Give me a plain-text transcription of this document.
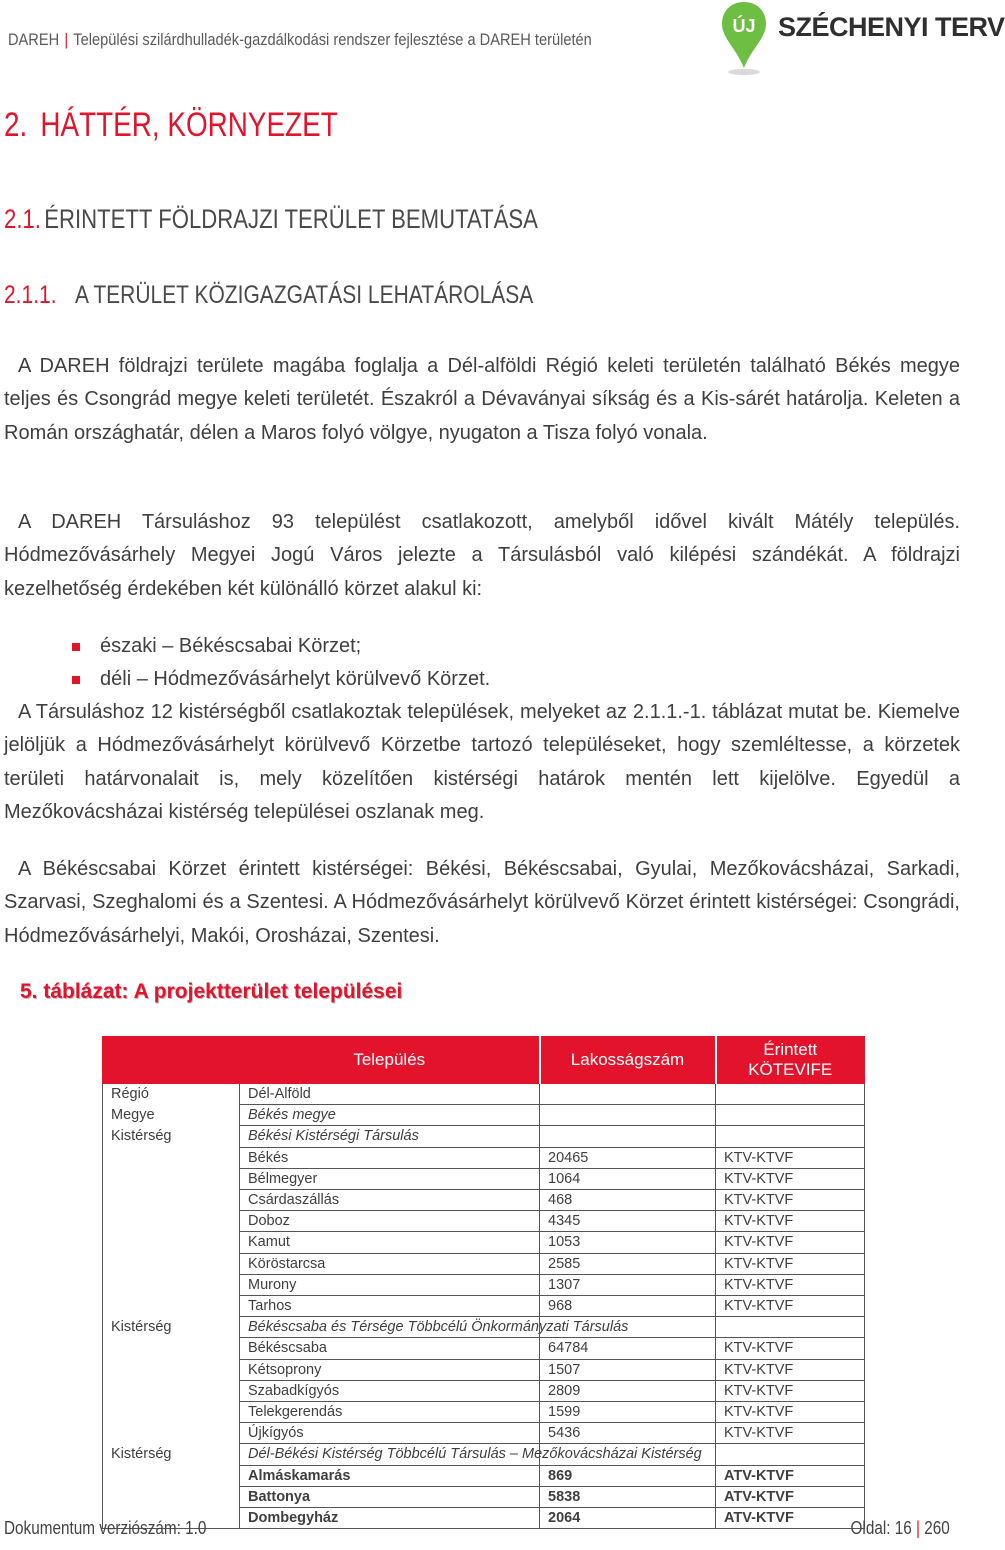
DAREH | Települési szilárdhulladék-gazdálkodási rendszer fejlesztése a DAREH területén
ÚJ SZÉCHENYI TERV
2. HÁTTÉR, KÖRNYEZET
2.1. ÉRINTETT FÖLDRAJZI TERÜLET BEMUTATÁSA
2.1.1. A TERÜLET KÖZIGAZGATÁSI LEHATÁROLÁSA
A DAREH földrajzi területe magába foglalja a Dél-alföldi Régió keleti területén található Békés megye teljes és Csongrád megye keleti területét. Északról a Dévaványai síkság és a Kis-sárét határolja. Keleten a Román országhatár, délen a Maros folyó völgye, nyugaton a Tisza folyó vonala.
A DAREH Társuláshoz 93 települést csatlakozott, amelyből idővel kivált Mátély település. Hódmezővásárhely Megyei Jogú Város jelezte a Társulásból való kilépési szándékát. A földrajzi kezelhetőség érdekében két különálló körzet alakul ki:
északi – Békéscsabai Körzet;
déli – Hódmezővásárhelyt körülvevő Körzet.
A Társuláshoz 12 kistérségből csatlakoztak települések, melyeket az 2.1.1.-1. táblázat mutat be. Kiemelve jelöljük a Hódmezővásárhelyt körülvevő Körzetbe tartozó településeket, hogy szemléltesse, a körzetek területi határvonalait is, mely közelítően kistérségi határok mentén lett kijelölve. Egyedül a Mezőkovácsházai kistérség települései oszlanak meg.
A Békéscsabai Körzet érintett kistérségei: Békési, Békéscsabai, Gyulai, Mezőkovácsházai, Sarkadi, Szarvasi, Szeghalomi és a Szentesi. A Hódmezővásárhelyt körülvevő Körzet érintett kistérségei: Csongrádi, Hódmezővásárhelyi, Makói, Orosházai, Szentesi.
5. táblázat: A projektterület települései
	Település	Lakosságszám	Érintett KÖTEVIFE
Régió	Dél-Alföld		
Megye	Békés megye		
Kistérség	Békési Kistérségi Társulás		
	Békés	20465	KTV-KTVF
	Bélmegyer	1064	KTV-KTVF
	Csárdaszállás	468	KTV-KTVF
	Doboz	4345	KTV-KTVF
	Kamut	1053	KTV-KTVF
	Köröstarcsa	2585	KTV-KTVF
	Murony	1307	KTV-KTVF
	Tarhos	968	KTV-KTVF
Kistérség	Békéscsaba és Térsége Többcélú Önkormányzati Társulás		
	Békéscsaba	64784	KTV-KTVF
	Kétsoprony	1507	KTV-KTVF
	Szabadkígyós	2809	KTV-KTVF
	Telekgerendás	1599	KTV-KTVF
	Újkígyós	5436	KTV-KTVF
Kistérség	Dél-Békési Kistérség Többcélú Társulás – Mezőkovácsházai Kistérség		
	Almáskamarás	869	ATV-KTVF
	Battonya	5838	ATV-KTVF
	Dombegyház	2064	ATV-KTVF
Dokumentum verziószám: 1.0	Oldal: 16 | 260
